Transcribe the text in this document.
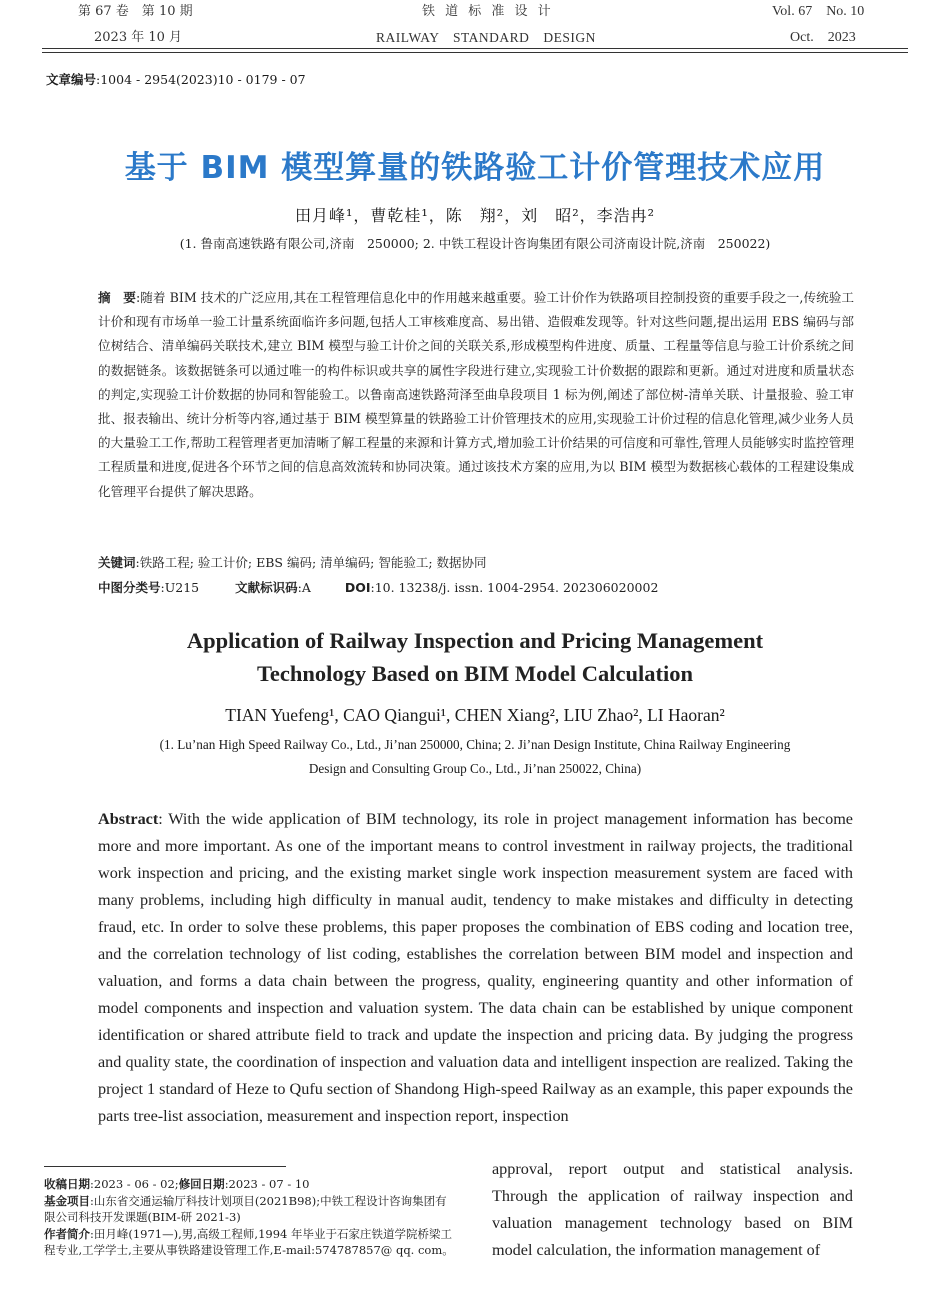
第 67 卷　第 10 期
2023 年 10 月
铁 道 标 准 设 计
RAILWAY　STANDARD　DESIGN
Vol. 67　No. 10
Oct.　2023
文章编号:1004 - 2954(2023)10 - 0179 - 07
基于 BIM 模型算量的铁路验工计价管理技术应用
田月峰¹，曹乾桂¹，陈　翔²，刘　昭²，李浩冉²
(1. 鲁南高速铁路有限公司,济南　250000; 2. 中铁工程设计咨询集团有限公司济南设计院,济南　250022)
摘　要:随着 BIM 技术的广泛应用,其在工程管理信息化中的作用越来越重要。验工计价作为铁路项目控制投资的重要手段之一,传统验工计价和现有市场单一验工计量系统面临许多问题,包括人工审核难度高、易出错、造假难发现等。针对这些问题,提出运用 EBS 编码与部位树结合、清单编码关联技术,建立 BIM 模型与验工计价之间的关联关系,形成模型构件进度、质量、工程量等信息与验工计价系统之间的数据链条。该数据链条可以通过唯一的构件标识或共享的属性字段进行建立,实现验工计价数据的跟踪和更新。通过对进度和质量状态的判定,实现验工计价数据的协同和智能验工。以鲁南高速铁路菏泽至曲阜段项目 1 标为例,阐述了部位树-清单关联、计量报验、验工审批、报表输出、统计分析等内容,通过基于 BIM 模型算量的铁路验工计价管理技术的应用,实现验工计价过程的信息化管理,减少业务人员的大量验工工作,帮助工程管理者更加清晰了解工程量的来源和计算方式,增加验工计价结果的可信度和可靠性,管理人员能够实时监控管理工程质量和进度,促进各个环节之间的信息高效流转和协同决策。通过该技术方案的应用,为以 BIM 模型为数据核心载体的工程建设集成化管理平台提供了解决思路。
关键词:铁路工程; 验工计价; EBS 编码; 清单编码; 智能验工; 数据协同
中图分类号:U215	文献标识码:A	DOI:10. 13238/j. issn. 1004-2954. 202306020002
Application of Railway Inspection and Pricing Management
Technology Based on BIM Model Calculation
TIAN Yuefeng¹, CAO Qiangui¹, CHEN Xiang², LIU Zhao², LI Haoran²
(1. Lu’nan High Speed Railway Co., Ltd., Ji’nan 250000, China; 2. Ji’nan Design Institute, China Railway Engineering
Design and Consulting Group Co., Ltd., Ji’nan 250022, China)
Abstract: With the wide application of BIM technology, its role in project management information has become more and more important. As one of the important means to control investment in railway projects, the traditional work inspection and pricing, and the existing market single work inspection measurement system are faced with many problems, including high difficulty in manual audit, tendency to make mistakes and difficulty in detecting fraud, etc. In order to solve these problems, this paper proposes the combination of EBS coding and location tree, and the correlation technology of list coding, establishes the correlation between BIM model and inspection and valuation, and forms a data chain between the progress, quality, engineering quantity and other information of model components and inspection and valuation system. The data chain can be established by unique component identification or shared attribute field to track and update the inspection and pricing data. By judging the progress and quality state, the coordination of inspection and valuation data and intelligent inspection are realized. Taking the project 1 standard of Heze to Qufu section of Shandong High-speed Railway as an example, this paper expounds the parts tree-list association, measurement and inspection report, inspection
approval, report output and statistical analysis. Through the application of railway inspection and valuation management technology based on BIM model calculation, the information management of
收稿日期:2023 - 06 - 02;修回日期:2023 - 07 - 10
基金项目:山东省交通运输厅科技计划项目(2021B98);中铁工程设计咨询集团有限公司科技开发课题(BIM-研 2021-3)
作者简介:田月峰(1971—),男,高级工程师,1994 年毕业于石家庄铁道学院桥梁工程专业,工学学士,主要从事铁路建设管理工作,E-mail:574787857@ qq. com。
